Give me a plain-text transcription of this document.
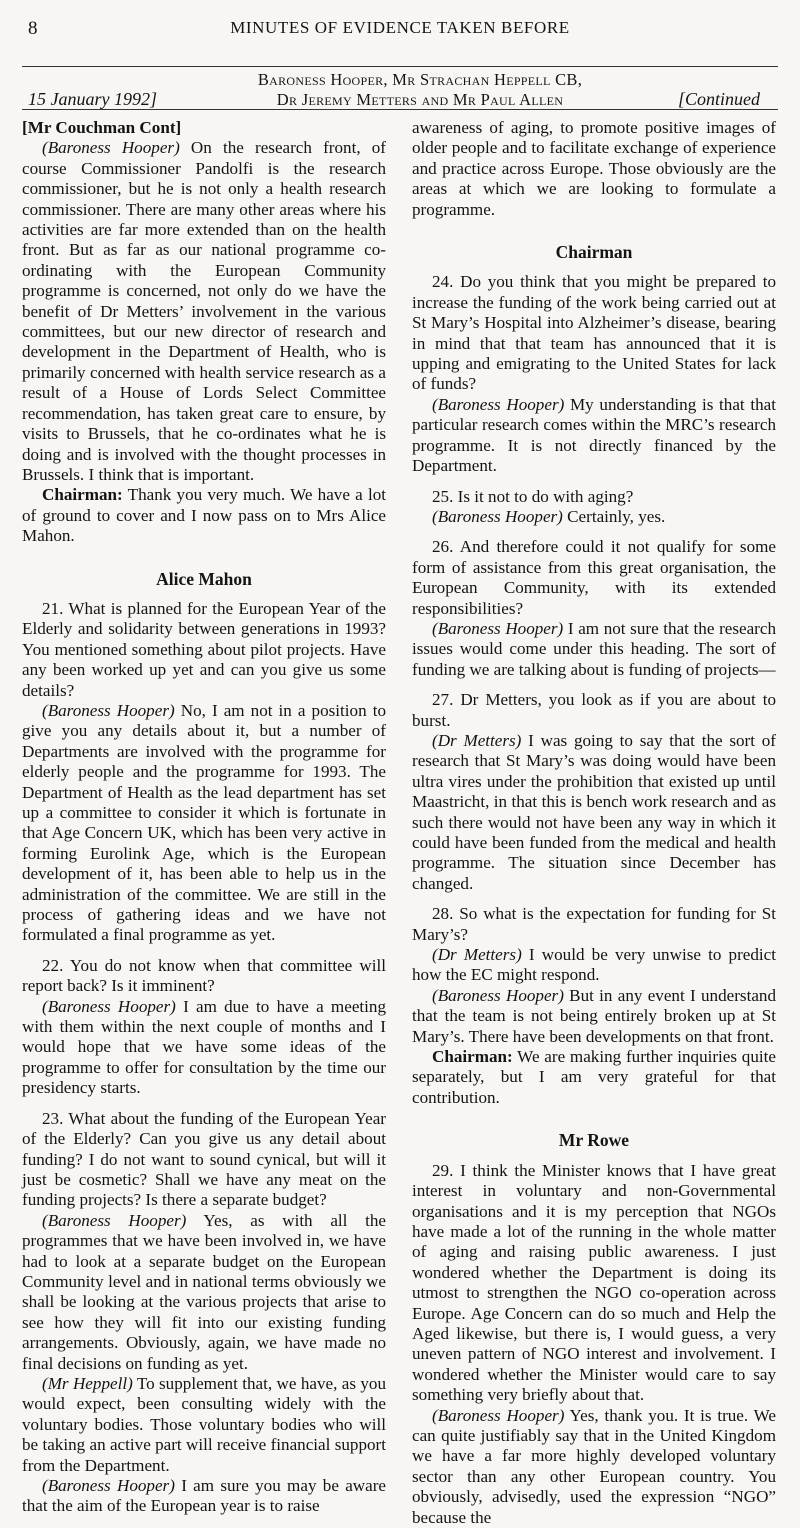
8	MINUTES OF EVIDENCE TAKEN BEFORE
15 January 1992]
Baroness Hooper, Mr Strachan Heppell CB,
Dr Jeremy Metters and Mr Paul Allen	[Continued

[Mr Couchman Cont]

(Baroness Hooper) On the research front, of course Commissioner Pandolfi is the research commissioner, but he is not only a health research commissioner. There are many other areas where his activities are far more extended than on the health front. But as far as our national programme co-ordinating with the European Community programme is concerned, not only do we have the benefit of Dr Metters’ involvement in the various committees, but our new director of research and development in the Department of Health, who is primarily concerned with health service research as a result of a House of Lords Select Committee recommendation, has taken great care to ensure, by visits to Brussels, that he co-ordinates what he is doing and is involved with the thought processes in Brussels. I think that is important.

Chairman: Thank you very much. We have a lot of ground to cover and I now pass on to Mrs Alice Mahon.

Alice Mahon

21. What is planned for the European Year of the Elderly and solidarity between generations in 1993? You mentioned something about pilot projects. Have any been worked up yet and can you give us some details?

(Baroness Hooper) No, I am not in a position to give you any details about it, but a number of Departments are involved with the programme for elderly people and the programme for 1993. The Department of Health as the lead department has set up a committee to consider it which is fortunate in that Age Concern UK, which has been very active in forming Eurolink Age, which is the European development of it, has been able to help us in the administration of the committee. We are still in the process of gathering ideas and we have not formulated a final programme as yet.

22. You do not know when that committee will report back? Is it imminent?

(Baroness Hooper) I am due to have a meeting with them within the next couple of months and I would hope that we have some ideas of the programme to offer for consultation by the time our presidency starts.

23. What about the funding of the European Year of the Elderly? Can you give us any detail about funding? I do not want to sound cynical, but will it just be cosmetic? Shall we have any meat on the funding projects? Is there a separate budget?

(Baroness Hooper) Yes, as with all the programmes that we have been involved in, we have had to look at a separate budget on the European Community level and in national terms obviously we shall be looking at the various projects that arise to see how they will fit into our existing funding arrangements. Obviously, again, we have made no final decisions on funding as yet.

(Mr Heppell) To supplement that, we have, as you would expect, been consulting widely with the voluntary bodies. Those voluntary bodies who will be taking an active part will receive financial support from the Department.

(Baroness Hooper) I am sure you may be aware that the aim of the European year is to raise

awareness of aging, to promote positive images of older people and to facilitate exchange of experience and practice across Europe. Those obviously are the areas at which we are looking to formulate a programme.

Chairman

24. Do you think that you might be prepared to increase the funding of the work being carried out at St Mary’s Hospital into Alzheimer’s disease, bearing in mind that that team has announced that it is upping and emigrating to the United States for lack of funds?

(Baroness Hooper) My understanding is that that particular research comes within the MRC’s research programme. It is not directly financed by the Department.

25. Is it not to do with aging?

(Baroness Hooper) Certainly, yes.

26. And therefore could it not qualify for some form of assistance from this great organisation, the European Community, with its extended responsibilities?

(Baroness Hooper) I am not sure that the research issues would come under this heading. The sort of funding we are talking about is funding of projects—

27. Dr Metters, you look as if you are about to burst.

(Dr Metters) I was going to say that the sort of research that St Mary’s was doing would have been ultra vires under the prohibition that existed up until Maastricht, in that this is bench work research and as such there would not have been any way in which it could have been funded from the medical and health programme. The situation since December has changed.

28. So what is the expectation for funding for St Mary’s?

(Dr Metters) I would be very unwise to predict how the EC might respond.

(Baroness Hooper) But in any event I understand that the team is not being entirely broken up at St Mary’s. There have been developments on that front.

Chairman: We are making further inquiries quite separately, but I am very grateful for that contribution.

Mr Rowe

29. I think the Minister knows that I have great interest in voluntary and non-Governmental organisations and it is my perception that NGOs have made a lot of the running in the whole matter of aging and raising public awareness. I just wondered whether the Department is doing its utmost to strengthen the NGO co-operation across Europe. Age Concern can do so much and Help the Aged likewise, but there is, I would guess, a very uneven pattern of NGO interest and involvement. I wondered whether the Minister would care to say something very briefly about that.

(Baroness Hooper) Yes, thank you. It is true. We can quite justifiably say that in the United Kingdom we have a far more highly developed voluntary sector than any other European country. You obviously, advisedly, used the expression “NGO” because the
